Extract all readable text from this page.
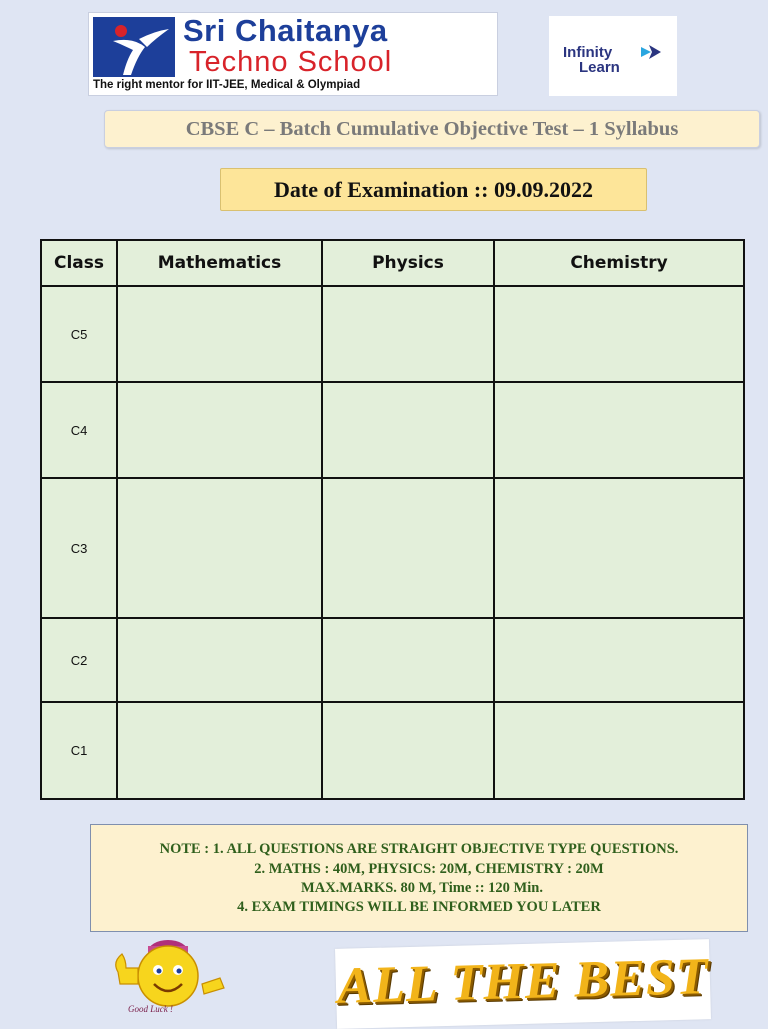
Sri Chaitanya
Techno School
The right mentor for IIT-JEE, Medical & Olympiad
Infinity
Learn
CBSE C – Batch Cumulative Objective Test – 1 Syllabus
Date of Examination :: 09.09.2022
Class	Mathematics	Physics	Chemistry
C5			
C4			
C3			
C2			
C1			
NOTE : 1. ALL QUESTIONS ARE STRAIGHT OBJECTIVE TYPE QUESTIONS.
2. MATHS : 40M, PHYSICS: 20M, CHEMISTRY : 20M
MAX.MARKS. 80 M, Time :: 120 Min.
4. EXAM TIMINGS WILL BE INFORMED YOU LATER
Good Luck !	ALL THE BEST
